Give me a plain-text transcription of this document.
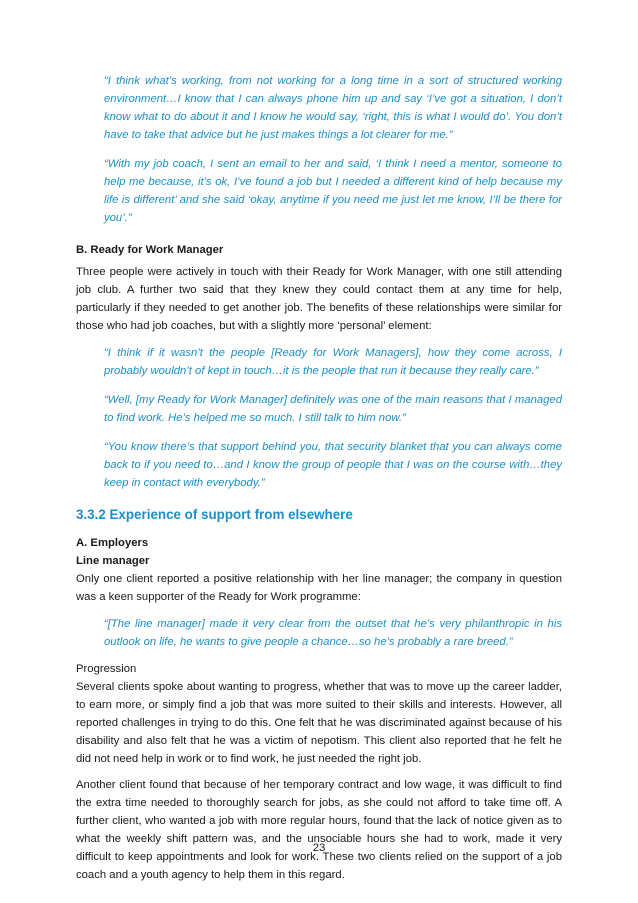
“I think what’s working, from not working for a long time in a sort of structured working environment…I know that I can always phone him up and say ‘I’ve got a situation, I don’t know what to do about it and I know he would say, ‘right, this is what I would do’. You don’t have to take that advice but he just makes things a lot clearer for me.”

“With my job coach, I sent an email to her and said, ‘I think I need a mentor, someone to help me because, it’s ok, I’ve found a job but I needed a different kind of help because my life is different’ and she said ‘okay, anytime if you need me just let me know, I’ll be there for you’.”

B. Ready for Work Manager

Three people were actively in touch with their Ready for Work Manager, with one still attending job club. A further two said that they knew they could contact them at any time for help, particularly if they needed to get another job. The benefits of these relationships were similar for those who had job coaches, but with a slightly more ‘personal’ element:

“I think if it wasn’t the people [Ready for Work Managers], how they come across, I probably wouldn’t of kept in touch…it is the people that run it because they really care.”

“Well, [my Ready for Work Manager] definitely was one of the main reasons that I managed to find work. He’s helped me so much. I still talk to him now.”

“You know there’s that support behind you, that security blanket that you can always come back to if you need to…and I know the group of people that I was on the course with…they keep in contact with everybody.”

3.3.2 Experience of support from elsewhere

A. Employers

Line manager

Only one client reported a positive relationship with her line manager; the company in question was a keen supporter of the Ready for Work programme:

“[The line manager] made it very clear from the outset that he’s very philanthropic in his outlook on life, he wants to give people a chance…so he’s probably a rare breed.”

Progression

Several clients spoke about wanting to progress, whether that was to move up the career ladder, to earn more, or simply find a job that was more suited to their skills and interests. However, all reported challenges in trying to do this. One felt that he was discriminated against because of his disability and also felt that he was a victim of nepotism. This client also reported that he felt he did not need help in work or to find work, he just needed the right job.

Another client found that because of her temporary contract and low wage, it was difficult to find the extra time needed to thoroughly search for jobs, as she could not afford to take time off. A further client, who wanted a job with more regular hours, found that the lack of notice given as to what the weekly shift pattern was, and the unsociable hours she had to work, made it very difficult to keep appointments and look for work. These two clients relied on the support of a job coach and a youth agency to help them in this regard.

23
